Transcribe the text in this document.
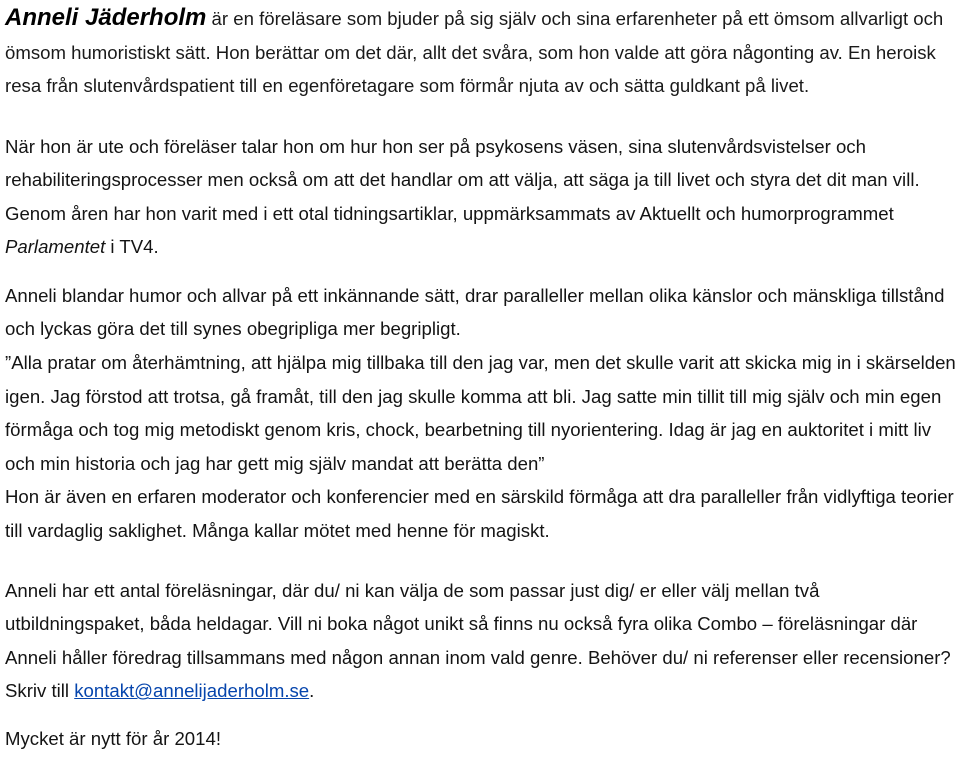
Anneli Jäderholm är en föreläsare som bjuder på sig själv och sina erfarenheter på ett ömsom allvarligt och ömsom humoristiskt sätt. Hon berättar om det där, allt det svåra, som hon valde att göra någonting av. En heroisk resa från slutenvårdspatient till en egenföretagare som förmår njuta av och sätta guldkant på livet.

När hon är ute och föreläser talar hon om hur hon ser på psykosens väsen, sina slutenvårdsvistelser och rehabiliteringsprocesser men också om att det handlar om att välja, att säga ja till livet och styra det dit man vill. Genom åren har hon varit med i ett otal tidningsartiklar, uppmärksammats av Aktuellt och humorprogrammet Parlamentet i TV4.

Anneli blandar humor och allvar på ett inkännande sätt, drar paralleller mellan olika känslor och mänskliga tillstånd och lyckas göra det till synes obegripliga mer begripligt.

”Alla pratar om återhämtning, att hjälpa mig tillbaka till den jag var, men det skulle varit att skicka mig in i skärselden igen. Jag förstod att trotsa, gå framåt, till den jag skulle komma att bli. Jag satte min tillit till mig själv och min egen förmåga och tog mig metodiskt genom kris, chock, bearbetning till nyorientering. Idag är jag en auktoritet i mitt liv och min historia och jag har gett mig själv mandat att berätta den”

Hon är även en erfaren moderator och konferencier med en särskild förmåga att dra paralleller från vidlyftiga teorier till vardaglig saklighet. Många kallar mötet med henne för magiskt.

Anneli har ett antal föreläsningar, där du/ ni kan välja de som passar just dig/ er eller välj mellan två utbildningspaket, båda heldagar. Vill ni boka något unikt så finns nu också fyra olika Combo – föreläsningar där Anneli håller föredrag tillsammans med någon annan inom vald genre. Behöver du/ ni referenser eller recensioner? Skriv till kontakt@annelijaderholm.se.

Mycket är nytt för år 2014!
